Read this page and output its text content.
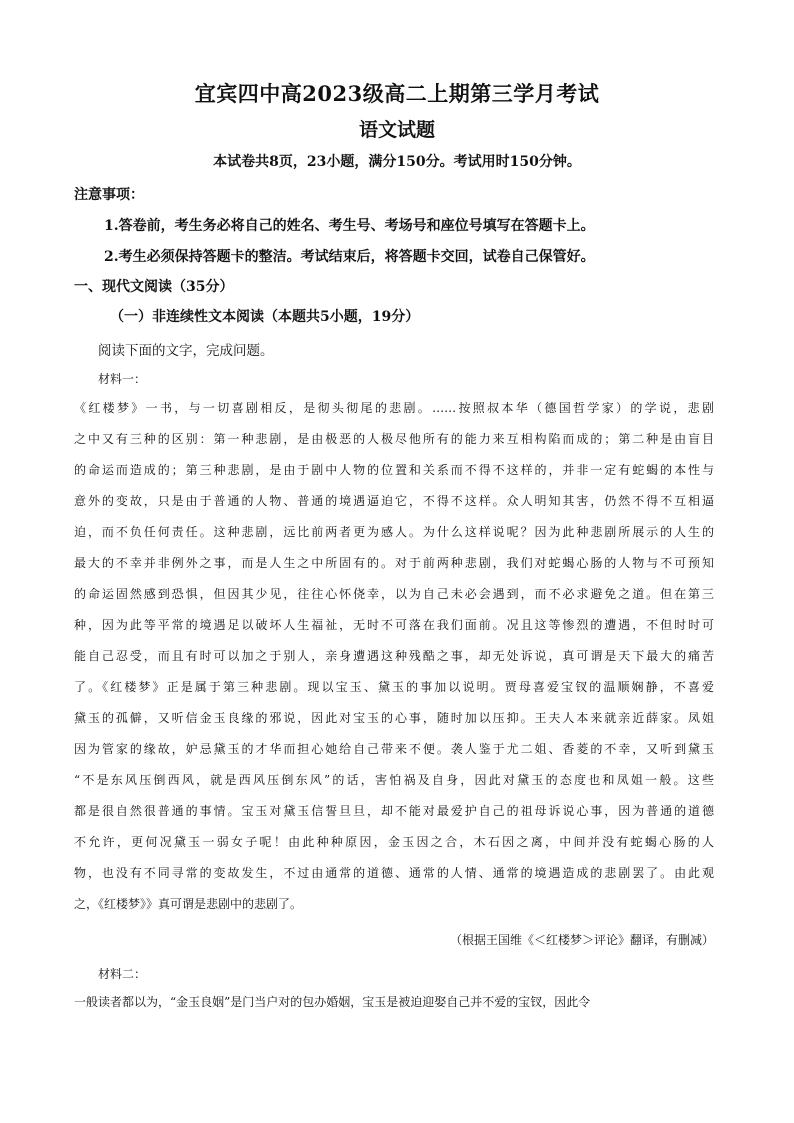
宜宾四中高2023级高二上期第三学月考试
语文试题
本试卷共8页，23小题，满分150分。考试用时150分钟。
注意事项：
1.答卷前，考生务必将自己的姓名、考生号、考场号和座位号填写在答题卡上。
2.考生必须保持答题卡的整洁。考试结束后，将答题卡交回，试卷自己保管好。
一、现代文阅读（35分）
（一）非连续性文本阅读（本题共5小题，19分）
阅读下面的文字，完成问题。
材料一：
《红楼梦》一书，与一切喜剧相反，是彻头彻尾的悲剧。……按照叔本华（德国哲学家）的学说，悲剧
之中又有三种的区别：第一种悲剧，是由极恶的人极尽他所有的能力来互相构陷而成的；第二种是由盲目
的命运而造成的；第三种悲剧，是由于剧中人物的位置和关系而不得不这样的，并非一定有蛇蝎的本性与
意外的变故，只是由于普通的人物、普通的境遇逼迫它，不得不这样。众人明知其害，仍然不得不互相逼
迫，而不负任何责任。这种悲剧，远比前两者更为感人。为什么这样说呢？因为此种悲剧所展示的人生的
最大的不幸并非例外之事，而是人生之中所固有的。对于前两种悲剧，我们对蛇蝎心肠的人物与不可预知
的命运固然感到恐惧，但因其少见，往往心怀侥幸，以为自己未必会遇到，而不必求避免之道。但在第三
种，因为此等平常的境遇足以破坏人生福祉，无时不可落在我们面前。况且这等惨烈的遭遇，不但时时可
能自己忍受，而且有时可以加之于别人，亲身遭遇这种残酷之事，却无处诉说，真可谓是天下最大的痛苦
了。《红楼梦》正是属于第三种悲剧。现以宝玉、黛玉的事加以说明。贾母喜爱宝钗的温顺娴静，不喜爱
黛玉的孤僻，又听信金玉良缘的邪说，因此对宝玉的心事，随时加以压抑。王夫人本来就亲近薛家。凤姐
因为管家的缘故，妒忌黛玉的才华而担心她给自己带来不便。袭人鉴于尤二姐、香菱的不幸，又听到黛玉
“不是东风压倒西风，就是西风压倒东风”的话，害怕祸及自身，因此对黛玉的态度也和凤姐一般。这些
都是很自然很普通的事情。宝玉对黛玉信誓旦旦，却不能对最爱护自己的祖母诉说心事，因为普通的道德
不允许，更何况黛玉一弱女子呢！由此种种原因，金玉因之合，木石因之离，中间并没有蛇蝎心肠的人
物，也没有不同寻常的变故发生，不过由通常的道德、通常的人情、通常的境遇造成的悲剧罢了。由此观
之，《红楼梦》》真可谓是悲剧中的悲剧了。
（根据王国维《＜红楼梦＞评论》翻译，有删减）
材料二：
一般读者都以为，“金玉良姻”是门当户对的包办婚姻，宝玉是被迫迎娶自己并不爱的宝钗，因此令
